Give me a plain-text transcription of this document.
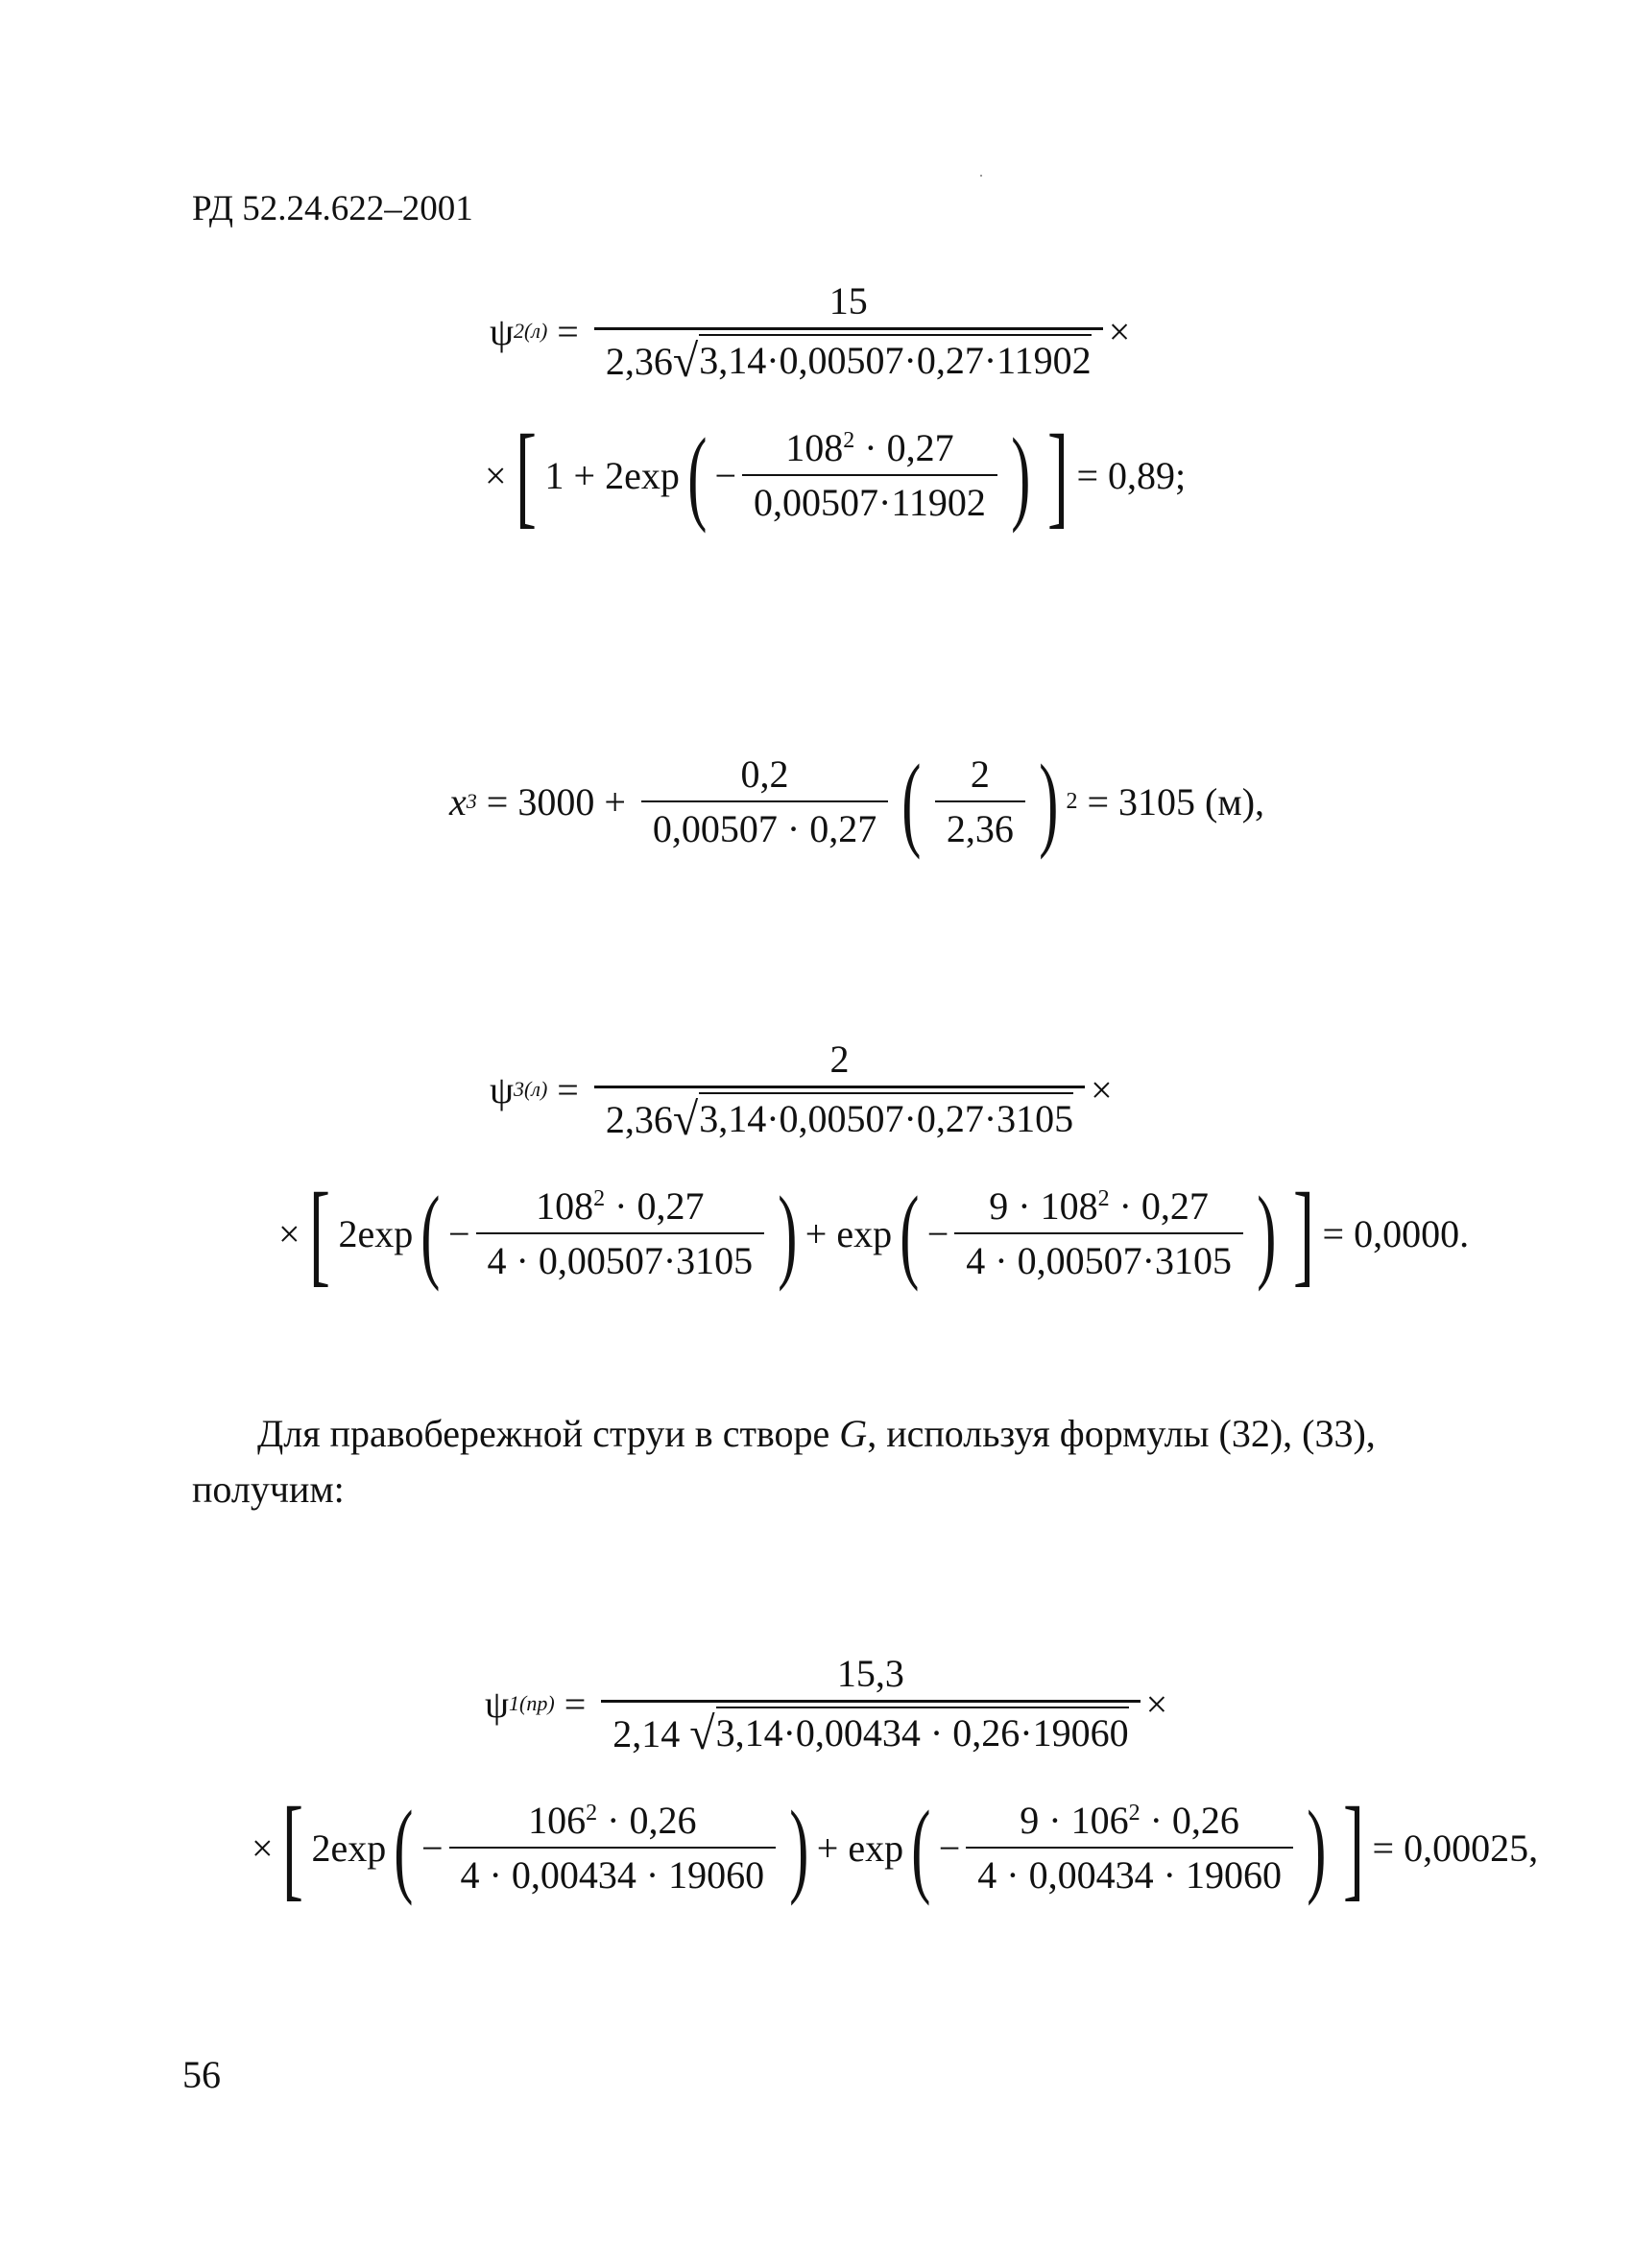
РД 52.24.622–2001
ψ $2(л) = \frac{15}{2,36 √ 3,14\cdot 0,00507\cdot 0,27\cdot 11902}$ ×
× [ 1 + 2exp ( − $\frac{108^2 \cdot 0,27}{0,00507\cdot 11902}$ ) ] = 0,89;
x $3 = 3000 + \frac{0,2}{0,00507 \cdot 0,27}$ ( $\frac{2}{2,36}$ ) 2 = 3105 (м),
ψ $3(л) = \frac{2}{2,36 √ 3,14\cdot 0,00507\cdot 0,27\cdot 3105}$ ×
× [ 2exp ( − $\frac{108^2 \cdot 0,27}{4 \cdot 0,00507\cdot 3105}$ ) + exp ( − $\frac{9 \cdot 108^2 \cdot 0,27}{4 \cdot 0,00507\cdot 3105}$ ) ] = 0,0000.
Для правобережной струи в створе G, используя формулы (32), (33), получим:
ψ $1(пр) = \frac{15,3}{2,14 √ 3,14\cdot 0,00434 \cdot 0,26\cdot 19060}$ ×
× [ 2exp ( − $\frac{106^2 \cdot 0,26}{4 \cdot 0,00434 \cdot 19060}$ ) + exp ( − $\frac{9 \cdot 106^2 \cdot 0,26}{4 \cdot 0,00434 \cdot 19060}$ ) ] = 0,00025,
56
